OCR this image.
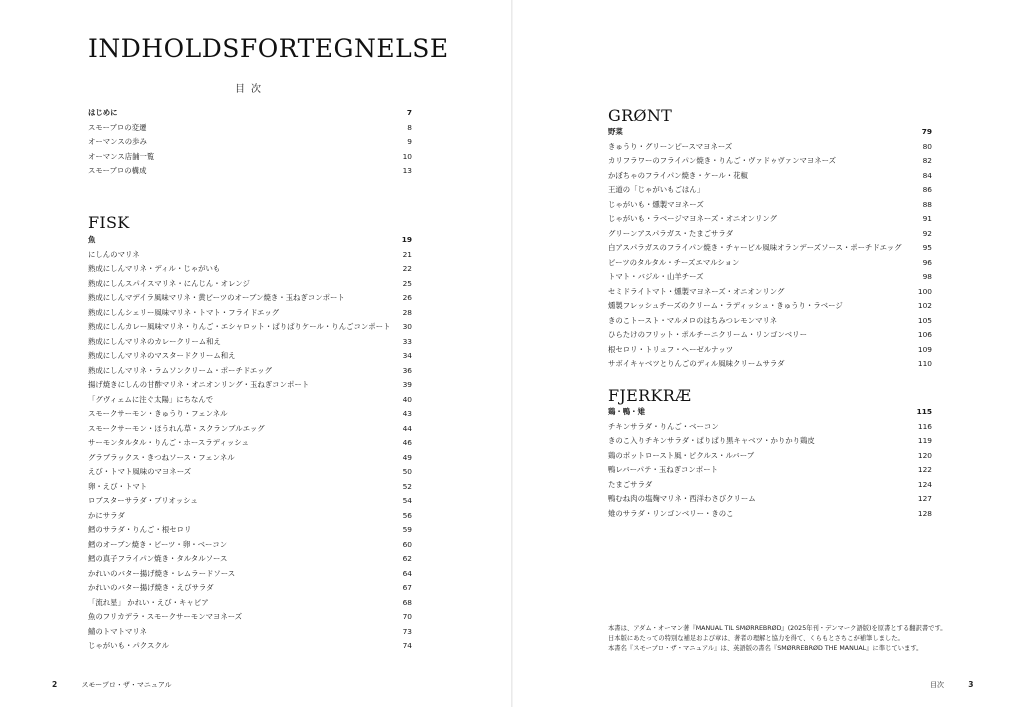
INDHOLDSFORTEGNELSE
目次
はじめに	7
スモーブロの変遷	8
オーマンスの歩み	9
オーマンス店舗一覧	10
スモーブロの構成	13
FISK
魚	19
にしんのマリネ	21
熟成にしんマリネ・ディル・じゃがいも	22
熟成にしんスパイスマリネ・にんじん・オレンジ	25
熟成にしんマデイラ風味マリネ・黄ビーツのオーブン焼き・玉ねぎコンポート	26
熟成にしんシェリー風味マリネ・トマト・フライドエッグ	28
熟成にしんカレー風味マリネ・りんご・エシャロット・ぱりぱりケール・りんごコンポート	30
熟成にしんマリネのカレークリーム和え	33
熟成にしんマリネのマスタードクリーム和え	34
熟成にしんマリネ・ラムソンクリーム・ポーチドエッグ	36
揚げ焼きにしんの甘酢マリネ・オニオンリング・玉ねぎコンポート	39
「グヴィェムに注ぐ太陽」にちなんで	40
スモークサーモン・きゅうり・フェンネル	43
スモークサーモン・ほうれん草・スクランブルエッグ	44
サーモンタルタル・りんご・ホースラディッシュ	46
グラブラックス・きつねソース・フェンネル	49
えび・トマト風味のマヨネーズ	50
卵・えび・トマト	52
ロブスターサラダ・ブリオッシュ	54
かにサラダ	56
鱈のサラダ・りんご・根セロリ	59
鱈のオーブン焼き・ビーツ・卵・ベーコン	60
鱈の真子フライパン焼き・タルタルソース	62
かれいのバター揚げ焼き・レムラードソース	64
かれいのバター揚げ焼き・えびサラダ	67
「流れ星」 かれい・えび・キャビア	68
魚のフリカデラ・スモークサーモンマヨネーズ	70
鯖のトマトマリネ	73
じゃがいも・パクスクル	74
GRØNT
野菜	79
きゅうり・グリーンピースマヨネーズ	80
カリフラワーのフライパン焼き・りんご・ヴァドゥヴァンマヨネーズ	82
かぼちゃのフライパン焼き・ケール・花椒	84
王道の「じゃがいもごはん」	86
じゃがいも・燻製マヨネーズ	88
じゃがいも・ラベージマヨネーズ・オニオンリング	91
グリーンアスパラガス・たまごサラダ	92
白アスパラガスのフライパン焼き・チャービル風味オランデーズソース・ポーチドエッグ	95
ビーツのタルタル・チーズエマルション	96
トマト・バジル・山羊チーズ	98
セミドライトマト・燻製マヨネーズ・オニオンリング	100
燻製フレッシュチーズのクリーム・ラディッシュ・きゅうり・ラベージ	102
きのこトースト・マルメロのはちみつレモンマリネ	105
ひらたけのフリット・ポルチーニクリーム・リンゴンベリー	106
根セロリ・トリュフ・ヘーゼルナッツ	109
サボイキャベツとりんごのディル風味クリームサラダ	110
FJERKRÆ
鶏・鴨・雉	115
チキンサラダ・りんご・ベーコン	116
きのこ入りチキンサラダ・ぱりぱり黒キャベツ・かりかり鶏皮	119
鶏のポットロースト風・ピクルス・ルバーブ	120
鴨レバーパテ・玉ねぎコンポート	122
たまごサラダ	124
鴨むね肉の塩麹マリネ・西洋わさびクリーム	127
雉のサラダ・リンゴンベリー・きのこ	128
本書は、アダム・オーマン著『MANUAL TIL SMØRREBRØD』(2025年刊・デンマーク語版)を原書とする翻訳書です。
日本版にあたっての特別な補足および章は、著者の理解と協力を得て、くらもとさちこが補筆しました。
本書名『スモーブロ・ザ・マニュアル』は、英語版の書名『SMØRREBRØD THE MANUAL』に準じています。
2	スモーブロ・ザ・マニュアル	目次	3
